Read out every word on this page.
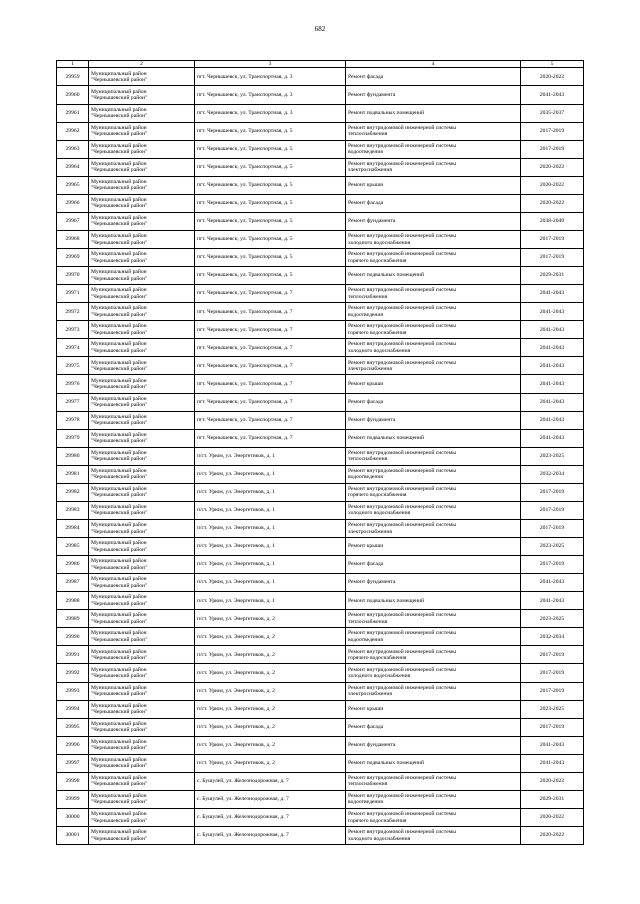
682
1	2	3	4	5

29959	Муниципальный район
"Чернышевский район"	пгт. Чернышевск, ул. Транспортная, д. 3	Ремонт фасада	2020-2022

29960	Муниципальный район
"Чернышевский район"	пгт. Чернышевск, ул. Транспортная, д. 3	Ремонт фундамента	2041-2043

29961	Муниципальный район
"Чернышевский район"	пгт. Чернышевск, ул. Транспортная, д. 3	Ремонт подвальных помещений	2035-2037

29962	Муниципальный район
"Чернышевский район"	пгт. Чернышевск, ул. Транспортная, д. 5	Ремонт внутридомовой инженерной системы
теплоснабжения	2017-2019

29963	Муниципальный район
"Чернышевский район"	пгт. Чернышевск, ул. Транспортная, д. 5	Ремонт внутридомовой инженерной системы
водоотведения	2017-2019

29964	Муниципальный район
"Чернышевский район"	пгт. Чернышевск, ул. Транспортная, д. 5	Ремонт внутридомовой инженерной системы
электроснабжения	2020-2022

29965	Муниципальный район
"Чернышевский район"	пгт. Чернышевск, ул. Транспортная, д. 5	Ремонт крыши	2020-2022

29966	Муниципальный район
"Чернышевский район"	пгт. Чернышевск, ул. Транспортная, д. 5	Ремонт фасада	2020-2022

29967	Муниципальный район
"Чернышевский район"	пгт. Чернышевск, ул. Транспортная, д. 5	Ремонт фундамента	2038-2040

29968	Муниципальный район
"Чернышевский район"	пгт. Чернышевск, ул. Транспортная, д. 5	Ремонт внутридомовой инженерной системы
холодного водоснабжения	2017-2019

29969	Муниципальный район
"Чернышевский район"	пгт. Чернышевск, ул. Транспортная, д. 5	Ремонт внутридомовой инженерной системы
горячего водоснабжения	2017-2019

29970	Муниципальный район
"Чернышевский район"	пгт. Чернышевск, ул. Транспортная, д. 5	Ремонт подвальных помещений	2029-2031

29971	Муниципальный район
"Чернышевский район"	пгт. Чернышевск, ул. Транспортная, д. 7	Ремонт внутридомовой инженерной системы
теплоснабжения	2041-2043

29972	Муниципальный район
"Чернышевский район"	пгт. Чернышевск, ул. Транспортная, д. 7	Ремонт внутридомовой инженерной системы
водоотведения	2041-2043

29973	Муниципальный район
"Чернышевский район"	пгт. Чернышевск, ул. Транспортная, д. 7	Ремонт внутридомовой инженерной системы
горячего водоснабжения	2041-2043

29974	Муниципальный район
"Чернышевский район"	пгт. Чернышевск, ул. Транспортная, д. 7	Ремонт внутридомовой инженерной системы
холодного водоснабжения	2041-2043

29975	Муниципальный район
"Чернышевский район"	пгт. Чернышевск, ул. Транспортная, д. 7	Ремонт внутридомовой инженерной системы
электроснабжения	2041-2043

29976	Муниципальный район
"Чернышевский район"	пгт. Чернышевск, ул. Транспортная, д. 7	Ремонт крыши	2041-2043

29977	Муниципальный район
"Чернышевский район"	пгт. Чернышевск, ул. Транспортная, д. 7	Ремонт фасада	2041-2043

29978	Муниципальный район
"Чернышевский район"	пгт. Чернышевск, ул. Транспортная, д. 7	Ремонт фундамента	2041-2043

29979	Муниципальный район
"Чернышевский район"	пгт. Чернышевск, ул. Транспортная, д. 7	Ремонт подвальных помещений	2041-2043

29980	Муниципальный район
"Чернышевский район"	п/ст. Урюм, ул. Энергетиков, д. 1	Ремонт внутридомовой инженерной системы
теплоснабжения	2023-2025

29981	Муниципальный район
"Чернышевский район"	п/ст. Урюм, ул. Энергетиков, д. 1	Ремонт внутридомовой инженерной системы
водоотведения	2032-2034

29982	Муниципальный район
"Чернышевский район"	п/ст. Урюм, ул. Энергетиков, д. 1	Ремонт внутридомовой инженерной системы
горячего водоснабжения	2017-2019

29983	Муниципальный район
"Чернышевский район"	п/ст. Урюм, ул. Энергетиков, д. 1	Ремонт внутридомовой инженерной системы
холодного водоснабжения	2017-2019

29984	Муниципальный район
"Чернышевский район"	п/ст. Урюм, ул. Энергетиков, д. 1	Ремонт внутридомовой инженерной системы
электроснабжения	2017-2019

29985	Муниципальный район
"Чернышевский район"	п/ст. Урюм, ул. Энергетиков, д. 1	Ремонт крыши	2023-2025

29986	Муниципальный район
"Чернышевский район"	п/ст. Урюм, ул. Энергетиков, д. 1	Ремонт фасада	2017-2019

29987	Муниципальный район
"Чернышевский район"	п/ст. Урюм, ул. Энергетиков, д. 1	Ремонт фундамента	2041-2043

29988	Муниципальный район
"Чернышевский район"	п/ст. Урюм, ул. Энергетиков, д. 1	Ремонт подвальных помещений	2041-2043

29989	Муниципальный район
"Чернышевский район"	п/ст. Урюм, ул. Энергетиков, д. 2	Ремонт внутридомовой инженерной системы
теплоснабжения	2023-2025

29990	Муниципальный район
"Чернышевский район"	п/ст. Урюм, ул. Энергетиков, д. 2	Ремонт внутридомовой инженерной системы
водоотведения	2032-2034

29991	Муниципальный район
"Чернышевский район"	п/ст. Урюм, ул. Энергетиков, д. 2	Ремонт внутридомовой инженерной системы
горячего водоснабжения	2017-2019

29992	Муниципальный район
"Чернышевский район"	п/ст. Урюм, ул. Энергетиков, д. 2	Ремонт внутридомовой инженерной системы
холодного водоснабжения	2017-2019

29993	Муниципальный район
"Чернышевский район"	п/ст. Урюм, ул. Энергетиков, д. 2	Ремонт внутридомовой инженерной системы
электроснабжения	2017-2019

29994	Муниципальный район
"Чернышевский район"	п/ст. Урюм, ул. Энергетиков, д. 2	Ремонт крыши	2023-2025

29995	Муниципальный район
"Чернышевский район"	п/ст. Урюм, ул. Энергетиков, д. 2	Ремонт фасада	2017-2019

29996	Муниципальный район
"Чернышевский район"	п/ст. Урюм, ул. Энергетиков, д. 2	Ремонт фундамента	2041-2043

29997	Муниципальный район
"Чернышевский район"	п/ст. Урюм, ул. Энергетиков, д. 2	Ремонт подвальных помещений	2041-2043

29998	Муниципальный район
"Чернышевский район"	с. Бушулей, ул. Железнодорожная, д. 7	Ремонт внутридомовой инженерной системы
теплоснабжения	2020-2022

29999	Муниципальный район
"Чернышевский район"	с. Бушулей, ул. Железнодорожная, д. 7	Ремонт внутридомовой инженерной системы
водоотведения	2029-2031

30000	Муниципальный район
"Чернышевский район"	с. Бушулей, ул. Железнодорожная, д. 7	Ремонт внутридомовой инженерной системы
горячего водоснабжения	2020-2022

30001	Муниципальный район
"Чернышевский район"	с. Бушулей, ул. Железнодорожная, д. 7	Ремонт внутридомовой инженерной системы
холодного водоснабжения	2020-2022
